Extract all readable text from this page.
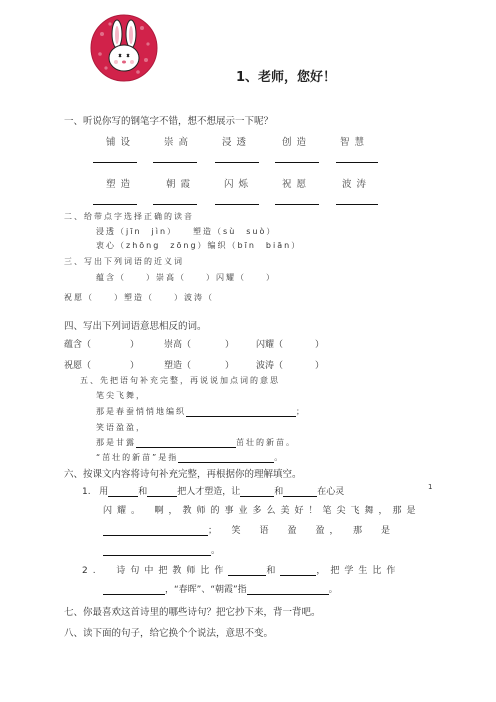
1、老师，您好！
一、听说你写的钢笔字不错，想不想展示一下呢？
铺设	崇高	浸透	创造	智慧
塑造	朝霞	闪烁	祝愿	波涛
二、给带点字选择正确的读音
浸透（jīn　jìn）　　塑造（sù　suò）
衷心（zhōng　zōng）编织（bīn　biān）
三、写出下列词语的近义词
蕴含（　　）崇高（　　）闪耀（　　）
祝愿（　　）塑造（　　）波涛（
四、写出下列词语意思相反的词。
蕴含（	）	崇高（	） 闪耀（	）
祝愿（	）	塑造（	） 波涛（	）
五、先把语句补充完整，再说说加点词的意思
笔尖飞舞，
那是春蚕悄悄地编织	；
笑语盈盈，
那是甘露	茁壮的新苗。
“茁壮的新苗”是指	。
六、按课文内容将诗句补充完整，再根据你的理解填空。
1. 用	和	把人才塑造，让	和	在心灵	1
闪耀。　啊，教师的事业多么美好！笔尖飞舞，那是
；　笑　语　盈　盈，　那　是
。
2. 诗句中把教师比作	和	，把学生比作
，“春晖”、“朝霞”指	。
七、你最喜欢这首诗里的哪些诗句？把它抄下来，背一背吧。
八、读下面的句子，给它换个个说法，意思不变。
